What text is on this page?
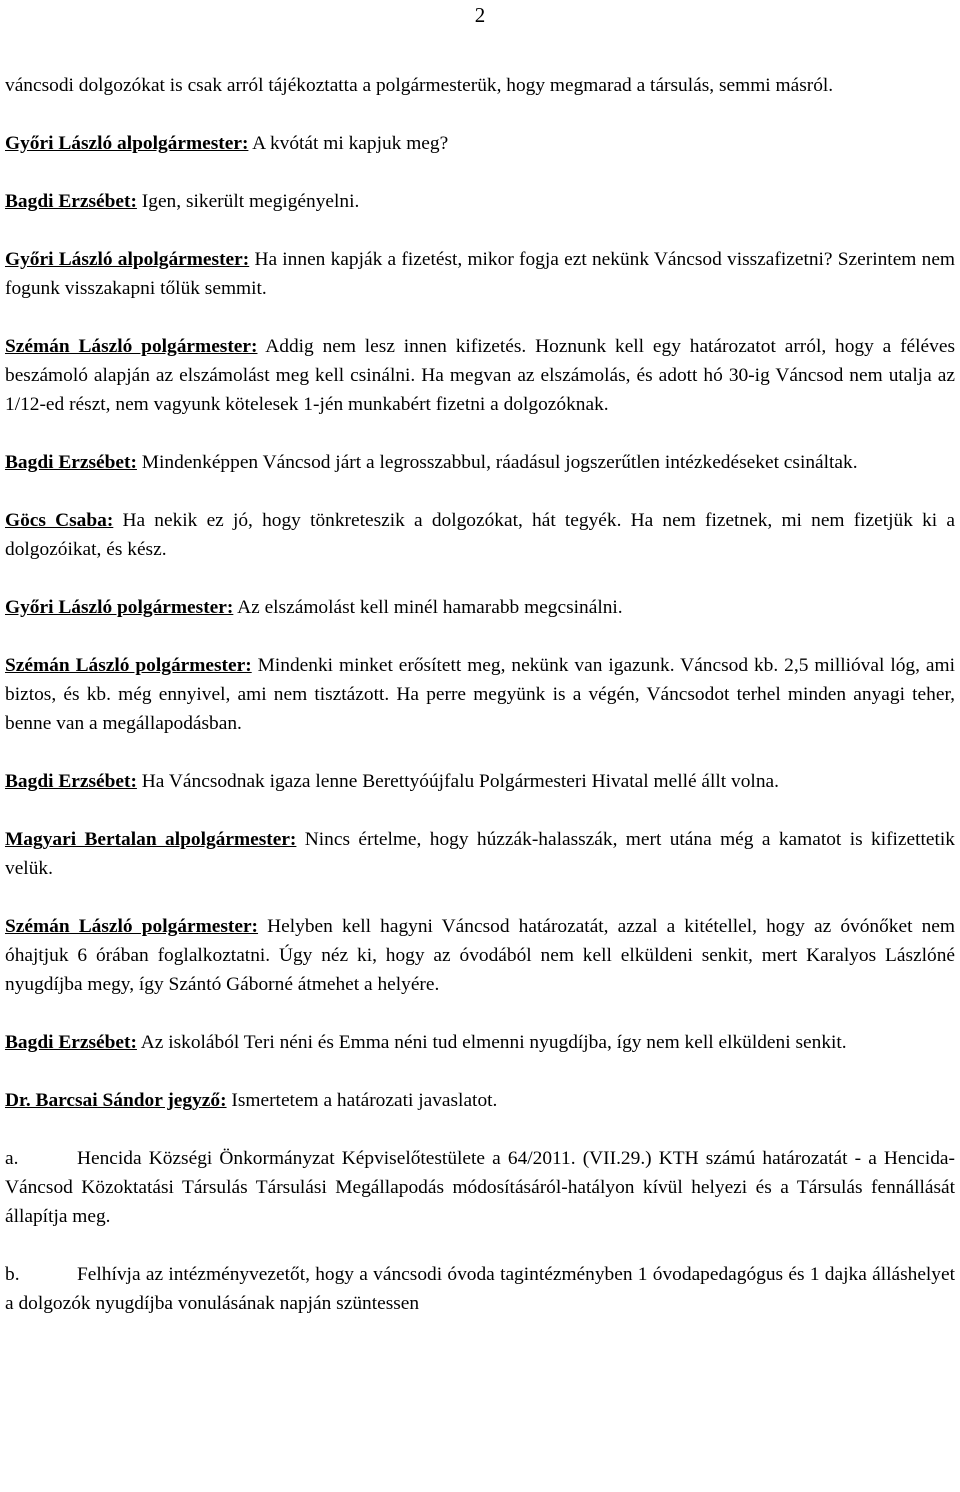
2

váncsodi dolgozókat is csak arról tájékoztatta a polgármesterük, hogy megmarad a társulás, semmi másról.

Győri László alpolgármester: A kvótát mi kapjuk meg?

Bagdi Erzsébet: Igen, sikerült megigényelni.

Győri László alpolgármester: Ha innen kapják a fizetést, mikor fogja ezt nekünk Váncsod visszafizetni? Szerintem nem fogunk visszakapni tőlük semmit.

Szémán László polgármester: Addig nem lesz innen kifizetés. Hoznunk kell egy határozatot arról, hogy a féléves beszámoló alapján az elszámolást meg kell csinálni. Ha megvan az elszámolás, és adott hó 30-ig Váncsod nem utalja az 1/12-ed részt, nem vagyunk kötelesek 1-jén munkabért fizetni a dolgozóknak.

Bagdi Erzsébet: Mindenképpen Váncsod járt a legrosszabbul, ráadásul jogszerűtlen intézkedéseket csináltak.

Göcs Csaba: Ha nekik ez jó, hogy tönkreteszik a dolgozókat, hát tegyék. Ha nem fizetnek, mi nem fizetjük ki a dolgozóikat, és kész.

Győri László polgármester: Az elszámolást kell minél hamarabb megcsinálni.

Szémán László polgármester: Mindenki minket erősített meg, nekünk van igazunk. Váncsod kb. 2,5 millióval lóg, ami biztos, és kb. még ennyivel, ami nem tisztázott. Ha perre megyünk is a végén, Váncsodot terhel minden anyagi teher, benne van a megállapodásban.

Bagdi Erzsébet: Ha Váncsodnak igaza lenne Berettyóújfalu Polgármesteri Hivatal mellé állt volna.

Magyari Bertalan alpolgármester: Nincs értelme, hogy húzzák-halasszák, mert utána még a kamatot is kifizettetik velük.

Szémán László polgármester: Helyben kell hagyni Váncsod határozatát, azzal a kitétellel, hogy az óvónőket nem óhajtjuk 6 órában foglalkoztatni. Úgy néz ki, hogy az óvodából nem kell elküldeni senkit, mert Karalyos Lászlóné nyugdíjba megy, így Szántó Gáborné átmehet a helyére.

Bagdi Erzsébet: Az iskolából Teri néni és Emma néni tud elmenni nyugdíjba, így nem kell elküldeni senkit.

Dr. Barcsai Sándor jegyző: Ismertetem a határozati javaslatot.

a.	Hencida Községi Önkormányzat Képviselőtestülete a 64/2011. (VII.29.) KTH számú határozatát - a Hencida-Váncsod Közoktatási Társulás Társulási Megállapodás módosításáról-hatályon kívül helyezi és a Társulás fennállását állapítja meg.
b.	Felhívja az intézményvezetőt, hogy a váncsodi óvoda tagintézményben 1 óvodapedagógus és 1 dajka álláshelyet a dolgozók nyugdíjba vonulásának napján szüntessen
